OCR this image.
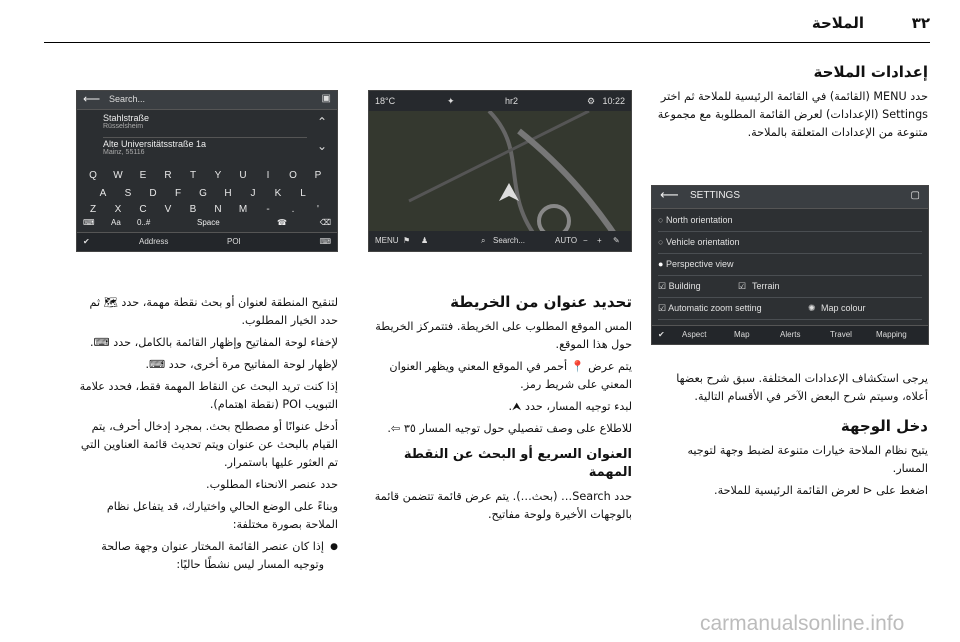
٣٢
الملاحة
إعدادات الملاحة

حدد MENU (القائمة) في القائمة الرئيسية للملاحة ثم اختر Settings (الإعدادات) لعرض القائمة المطلوبة مع مجموعة متنوعة من الإعدادات المتعلقة بالملاحة.

⟵ SETTINGS	▢
○ North orientation
○ Vehicle orientation
● Perspective view
☑ Building	☑ Terrain
☑ Automatic zoom setting	✺ Map colour
✔ Aspect	Map	Alerts	Travel	Mapping

يرجى استكشاف الإعدادات المختلفة. سبق شرح بعضها أعلاه، وسيتم شرح البعض الآخر في الأقسام التالية.

دخل الوجهة

يتيح نظام الملاحة خيارات متنوعة لضبط وجهة لتوجيه المسار.

اضغط على ⊲ لعرض القائمة الرئيسية للملاحة.

18°C	✦	hr2	⚙ 10:22
MENU ⚑ ♟	⌕ Search...	AUTO − + ✎
تحديد عنوان من الخريطة

المس الموقع المطلوب على الخريطة. فتتمركز الخريطة حول هذا الموقع.

يتم عرض 📍 أحمر في الموقع المعني ويظهر العنوان المعني على شريط رمز.

لبدء توجيه المسار، حدد ⮝.

للاطلاع على وصف تفصيلي حول توجيه المسار ٣٥ ⇦.

العنوان السريع أو البحث عن النقطة المهمة

حدد Search… (بحث…). يتم عرض قائمة تتضمن قائمة بالوجهات الأخيرة ولوحة مفاتيح.

⟵ Search...	▣
Stahlstraße
Rüsselsheim
Alte Universitätsstraße 1a
Mainz, 55116
⌃
⌄
Q	W	E	R	T	Y	U	I	O	P
A	S	D	F	G	H	J	K	L
Z	X	C	V	B	N	M	-	.	'
⌨ Aa 0..#	Space	☎	⌫
✔	Address	POI	⌨

لتنقيح المنطقة لعنوان أو بحث نقطة مهمة، حدد 🗺 ثم حدد الخيار المطلوب.

لإخفاء لوحة المفاتيح وإظهار القائمة بالكامل، حدد ⌨.

لإظهار لوحة المفاتيح مرة أخرى، حدد ⌨.

إذا كنت تريد البحث عن النقاط المهمة فقط، فحدد علامة التبويب POI (نقطة اهتمام).

أدخل عنوانًا أو مصطلح بحث. بمجرد إدخال أحرف، يتم القيام بالبحث عن عنوان ويتم تحديث قائمة العناوين التي تم العثور عليها باستمرار.

حدد عنصر الانحناء المطلوب.

وبناءً على الوضع الحالي واختيارك، قد يتفاعل نظام الملاحة بصورة مختلفة:

● إذا كان عنصر القائمة المختار عنوان وجهة صالحة وتوجيه المسار ليس نشطًا حاليًا:

carmanualsonline.info
